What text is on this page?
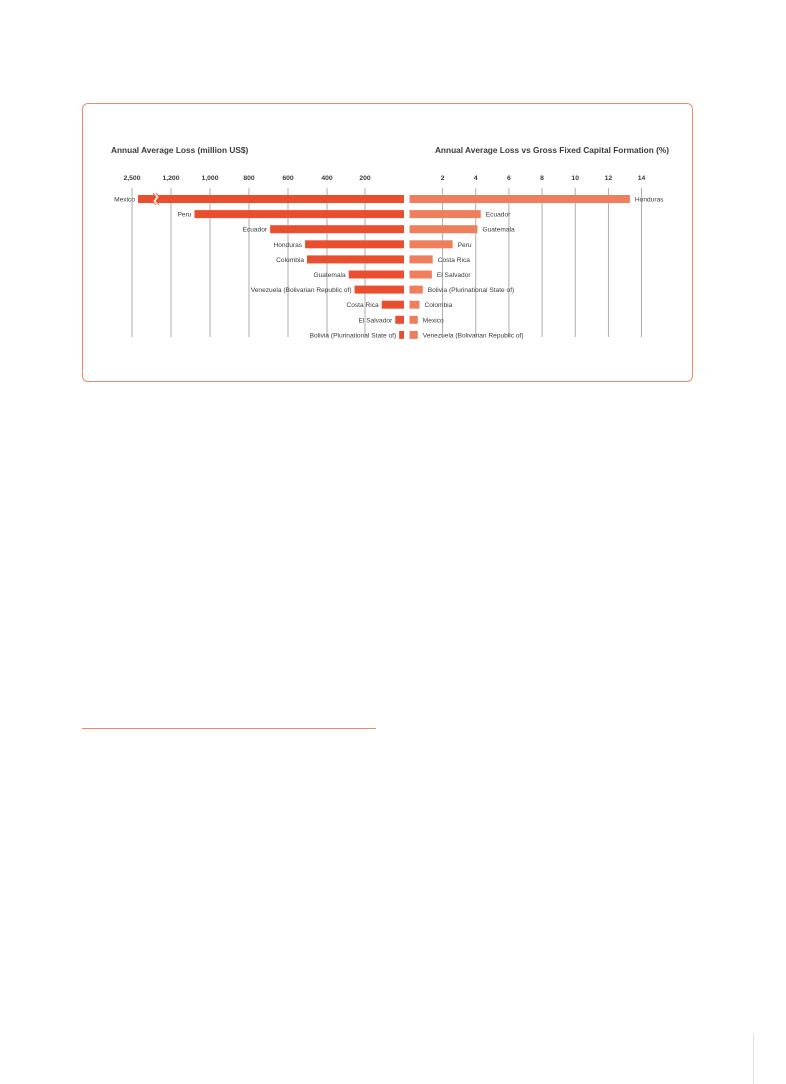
Annual Average Loss (million US$)
2,500	1,200	1,000	800	600	400	200
Mexico
Peru
Ecuador
Honduras
Colombia
Guatemala
Venezuela (Bolivarian Republic of)
Costa Rica
El Salvador
Bolivia (Plurinational State of)
Annual Average Loss vs Gross Fixed Capital Formation (%)
2	4	6	8	10	12	14
Honduras
Ecuador
Guatemala
Peru
Costa Rica
El Salvador
Bolivia (Plurinational State of)
Colombia
Mexico
Venezuela (Bolivarian Republic of)
